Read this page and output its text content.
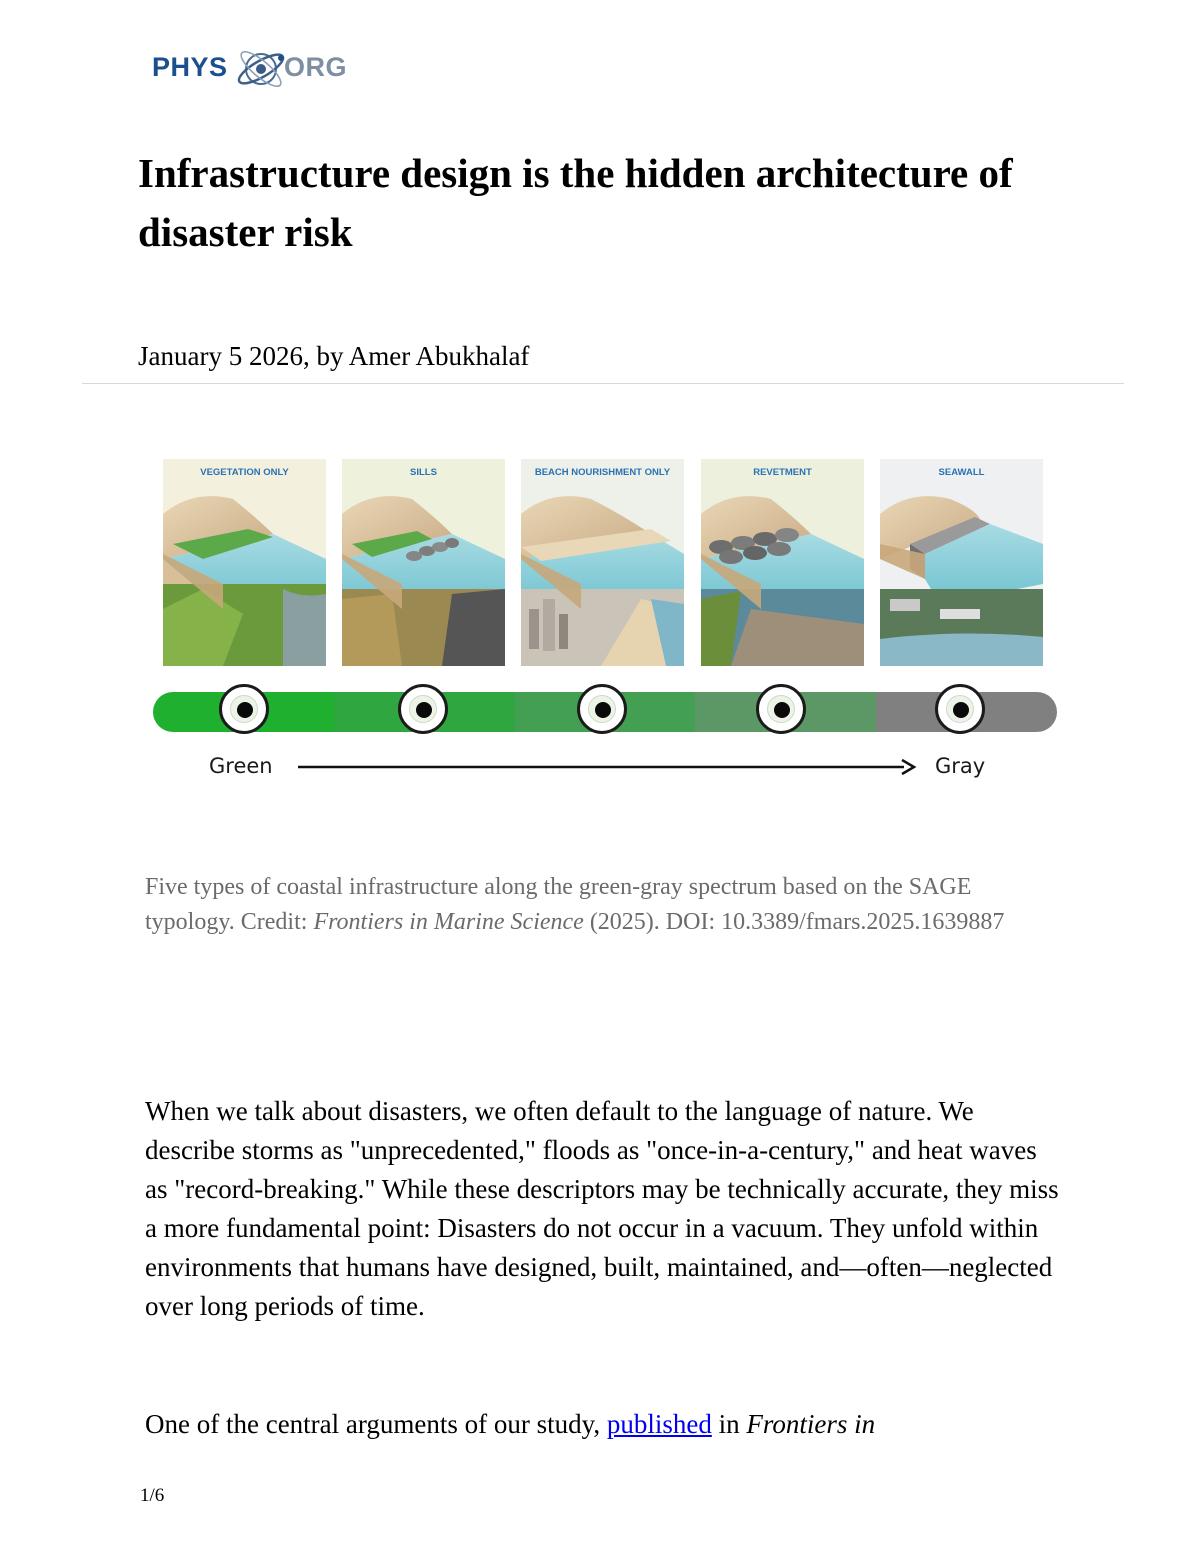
PHYS ORG
Infrastructure design is the hidden architecture of disaster risk
January 5 2026, by Amer Abukhalaf
VEGETATION ONLY	SILLS	BEACH NOURISHMENT ONLY	REVETMENT	SEAWALL
Green	Gray

Five types of coastal infrastructure along the green-gray spectrum based on the SAGE typology. Credit: Frontiers in Marine Science (2025). DOI: 10.3389/fmars.2025.1639887

When we talk about disasters, we often default to the language of nature. We describe storms as "unprecedented," floods as "once-in-a-century," and heat waves as "record-breaking." While these descriptors may be technically accurate, they miss a more fundamental point: Disasters do not occur in a vacuum. They unfold within environments that humans have designed, built, maintained, and—often—neglected over long periods of time.

One of the central arguments of our study, published in Frontiers in

1/6
